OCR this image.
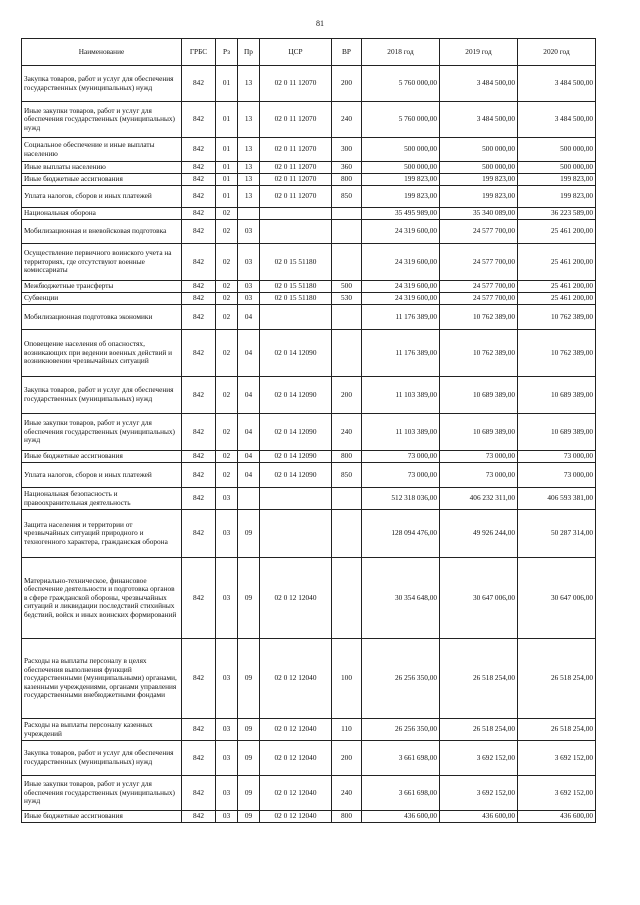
81
Наименование	ГРБС	Рз	Пр	ЦСР	ВР	2018 год	2019 год	2020 год
Закупка товаров, работ и услуг для обеспечения государственных (муниципальных) нужд	842	01	13	02 0 11 12070	200	5 760 000,00	3 484 500,00	3 484 500,00
Иные закупки товаров, работ и услуг для обеспечения государственных (муниципальных) нужд	842	01	13	02 0 11 12070	240	5 760 000,00	3 484 500,00	3 484 500,00
Социальное обеспечение и иные выплаты населению	842	01	13	02 0 11 12070	300	500 000,00	500 000,00	500 000,00
Иные выплаты населению	842	01	13	02 0 11 12070	360	500 000,00	500 000,00	500 000,00
Иные бюджетные ассигнования	842	01	13	02 0 11 12070	800	199 823,00	199 823,00	199 823,00
Уплата налогов, сборов и иных платежей	842	01	13	02 0 11 12070	850	199 823,00	199 823,00	199 823,00
Национальная оборона	842	02				35 495 989,00	35 340 089,00	36 223 589,00
Мобилизационная и вневойсковая подготовка	842	02	03			24 319 600,00	24 577 700,00	25 461 200,00
Осуществление первичного воинского учета на территориях, где отсутствуют военные комиссариаты	842	02	03	02 0 15 51180		24 319 600,00	24 577 700,00	25 461 200,00
Межбюджетные трансферты	842	02	03	02 0 15 51180	500	24 319 600,00	24 577 700,00	25 461 200,00
Субвенции	842	02	03	02 0 15 51180	530	24 319 600,00	24 577 700,00	25 461 200,00
Мобилизационная подготовка экономики	842	02	04			11 176 389,00	10 762 389,00	10 762 389,00
Оповещение населения об опасностях, возникающих при ведении военных действий и возникновении чрезвычайных ситуаций	842	02	04	02 0 14 12090		11 176 389,00	10 762 389,00	10 762 389,00
Закупка товаров, работ и услуг для обеспечения государственных (муниципальных) нужд	842	02	04	02 0 14 12090	200	11 103 389,00	10 689 389,00	10 689 389,00
Иные закупки товаров, работ и услуг для обеспечения государственных (муниципальных) нужд	842	02	04	02 0 14 12090	240	11 103 389,00	10 689 389,00	10 689 389,00
Иные бюджетные ассигнования	842	02	04	02 0 14 12090	800	73 000,00	73 000,00	73 000,00
Уплата налогов, сборов и иных платежей	842	02	04	02 0 14 12090	850	73 000,00	73 000,00	73 000,00
Национальная безопасность и правоохранительная деятельность	842	03				512 318 036,00	406 232 311,00	406 593 381,00
Защита населения и территории от чрезвычайных ситуаций природного и техногенного характера, гражданская оборона	842	03	09			128 094 476,00	49 926 244,00	50 287 314,00
Материально-техническое, финансовое обеспечение деятельности и подготовка органов в сфере гражданской обороны, чрезвычайных ситуаций и ликвидации последствий стихийных бедствий, войск и иных воинских формирований	842	03	09	02 0 12 12040		30 354 648,00	30 647 006,00	30 647 006,00
Расходы на выплаты персоналу в целях обеспечения выполнения функций государственными (муниципальными) органами, казенными учреждениями, органами управления государственными внебюджетными фондами	842	03	09	02 0 12 12040	100	26 256 350,00	26 518 254,00	26 518 254,00
Расходы на выплаты персоналу казенных учреждений	842	03	09	02 0 12 12040	110	26 256 350,00	26 518 254,00	26 518 254,00
Закупка товаров, работ и услуг для обеспечения государственных (муниципальных) нужд	842	03	09	02 0 12 12040	200	3 661 698,00	3 692 152,00	3 692 152,00
Иные закупки товаров, работ и услуг для обеспечения государственных (муниципальных) нужд	842	03	09	02 0 12 12040	240	3 661 698,00	3 692 152,00	3 692 152,00
Иные бюджетные ассигнования	842	03	09	02 0 12 12040	800	436 600,00	436 600,00	436 600,00
